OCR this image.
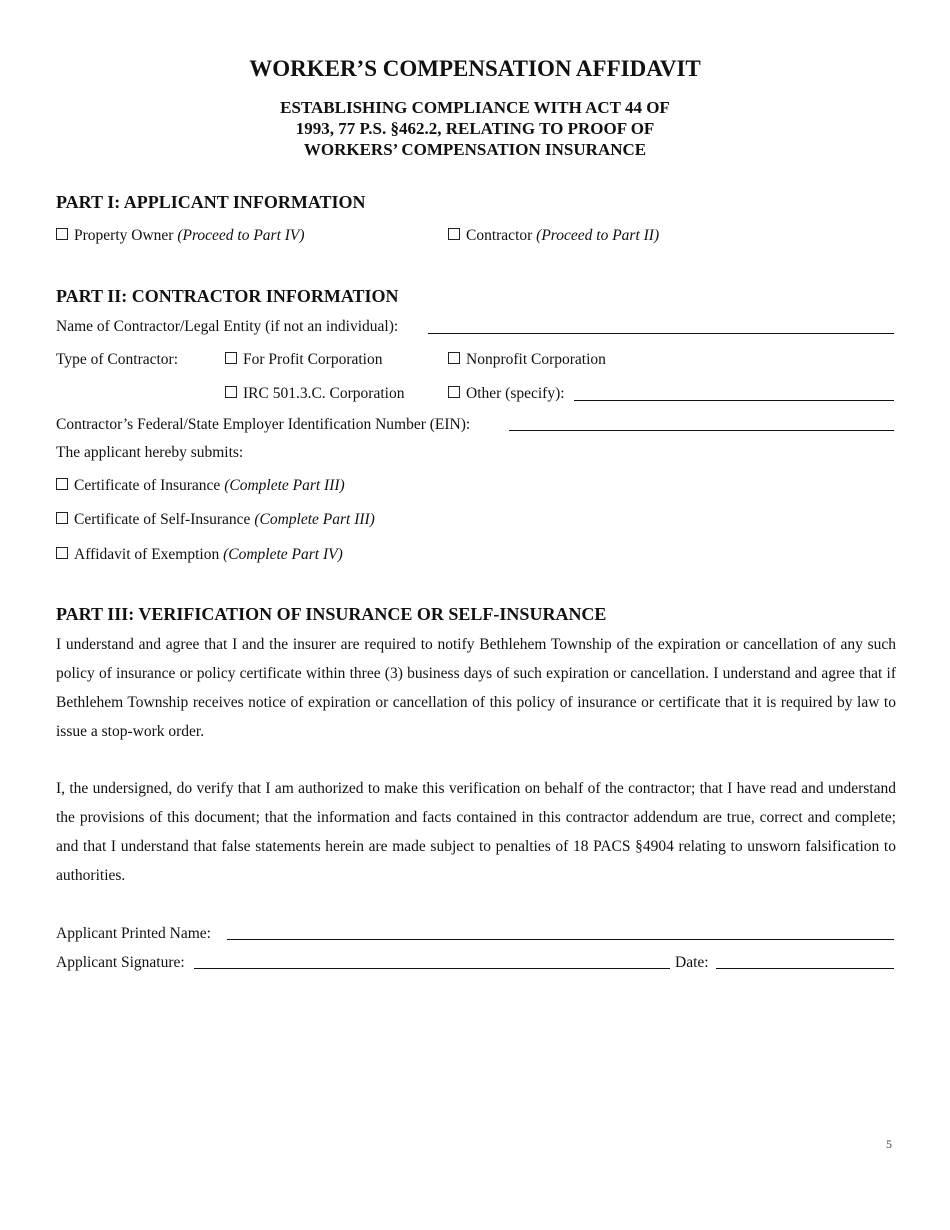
WORKER’S COMPENSATION AFFIDAVIT
ESTABLISHING COMPLIANCE WITH ACT 44 OF
1993, 77 P.S. §462.2, RELATING TO PROOF OF
WORKERS’ COMPENSATION INSURANCE
PART I: APPLICANT INFORMATION
Property Owner (Proceed to Part IV)	Contractor (Proceed to Part II)
PART II: CONTRACTOR INFORMATION
Name of Contractor/Legal Entity (if not an individual):
Type of Contractor:	For Profit Corporation	Nonprofit Corporation
IRC 501.3.C. Corporation	Other (specify):
Contractor’s Federal/State Employer Identification Number (EIN):
The applicant hereby submits:
Certificate of Insurance (Complete Part III)
Certificate of Self-Insurance (Complete Part III)
Affidavit of Exemption (Complete Part IV)
PART III: VERIFICATION OF INSURANCE OR SELF-INSURANCE
I understand and agree that I and the insurer are required to notify Bethlehem Township of the expiration or cancellation of any such policy of insurance or policy certificate within three (3) business days of such expiration or cancellation. I understand and agree that if Bethlehem Township receives notice of expiration or cancellation of this policy of insurance or certificate that it is required by law to issue a stop-work order.
I, the undersigned, do verify that I am authorized to make this verification on behalf of the contractor; that I have read and understand the provisions of this document; that the information and facts contained in this contractor addendum are true, correct and complete; and that I understand that false statements herein are made subject to penalties of 18 PACS §4904 relating to unsworn falsification to authorities.
Applicant Printed Name:
Applicant Signature:	Date:
5
